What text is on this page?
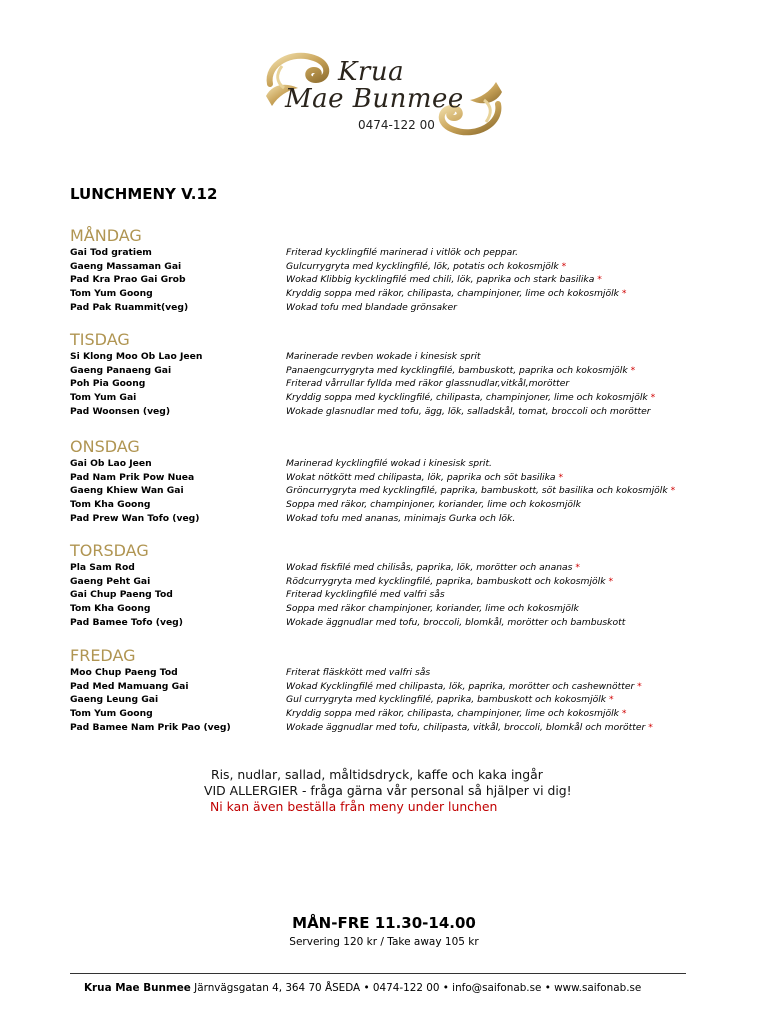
Krua
Mae Bunmee
0474-122 00
LUNCHMENY V.12
MÅNDAG
Gai Tod gratiem	Friterad kycklingfilé marinerad i vitlök och peppar.
Gaeng Massaman Gai	Gulcurrygryta med kycklingfilé, lök, potatis och kokosmjölk *
Pad Kra Prao Gai Grob	Wokad Klibbig kycklingfilé med chili, lök, paprika och stark basilika *
Tom Yum Goong	Kryddig soppa med räkor, chilipasta, champinjoner, lime och kokosmjölk *
Pad Pak Ruammit(veg)	Wokad tofu med blandade grönsaker
TISDAG
Si Klong Moo Ob Lao Jeen	Marinerade revben wokade i kinesisk sprit
Gaeng Panaeng Gai	Panaengcurrygryta med kycklingfilé, bambuskott, paprika och kokosmjölk *
Poh Pia Goong	Friterad vårrullar fyllda med räkor glassnudlar,vitkål,morötter
Tom Yum Gai	Kryddig soppa med kycklingfilé, chilipasta, champinjoner, lime och kokosmjölk *
Pad Woonsen (veg)	Wokade glasnudlar med tofu, ägg, lök, salladskål, tomat, broccoli och morötter
ONSDAG
Gai Ob Lao Jeen	Marinerad kycklingfilé wokad i kinesisk sprit.
Pad Nam Prik Pow Nuea	Wokat nötkött med chilipasta, lök, paprika och söt basilika *
Gaeng Khiew Wan Gai	Gröncurrygryta med kycklingfilé, paprika, bambuskott, söt basilika och kokosmjölk *
Tom Kha Goong	Soppa med räkor, champinjoner, koriander, lime och kokosmjölk
Pad Prew Wan Tofo (veg)	Wokad tofu med ananas, minimajs Gurka och lök.
TORSDAG
Pla Sam Rod	Wokad fiskfilé med chilisås, paprika, lök, morötter och ananas *
Gaeng Peht Gai	Rödcurrygryta med kycklingfilé, paprika, bambuskott och kokosmjölk *
Gai Chup Paeng Tod	Friterad kycklingfilé med valfri sås
Tom Kha Goong	Soppa med räkor champinjoner, koriander, lime och kokosmjölk
Pad Bamee Tofo (veg)	Wokade äggnudlar med tofu, broccoli, blomkål, morötter och bambuskott
FREDAG
Moo Chup Paeng Tod	Friterat fläskkött med valfri sås
Pad Med Mamuang Gai	Wokad Kycklingfilé med chilipasta, lök, paprika, morötter och cashewnötter *
Gaeng Leung Gai	Gul currygryta med kycklingfilé, paprika, bambuskott och kokosmjölk *
Tom Yum Goong	Kryddig soppa med räkor, chilipasta, champinjoner, lime och kokosmjölk *
Pad Bamee Nam Prik Pao (veg)	Wokade äggnudlar med tofu, chilipasta, vitkål, broccoli, blomkål och morötter *
Ris, nudlar, sallad, måltidsdryck, kaffe och kaka ingår
VID ALLERGIER - fråga gärna vår personal så hjälper vi dig!
Ni kan även beställa från meny under lunchen
MÅN-FRE 11.30-14.00
Servering 120 kr / Take away 105 kr
Krua Mae Bunmee Järnvägsgatan 4, 364 70 ÅSEDA • 0474-122 00 • info@saifonab.se • www.saifonab.se
